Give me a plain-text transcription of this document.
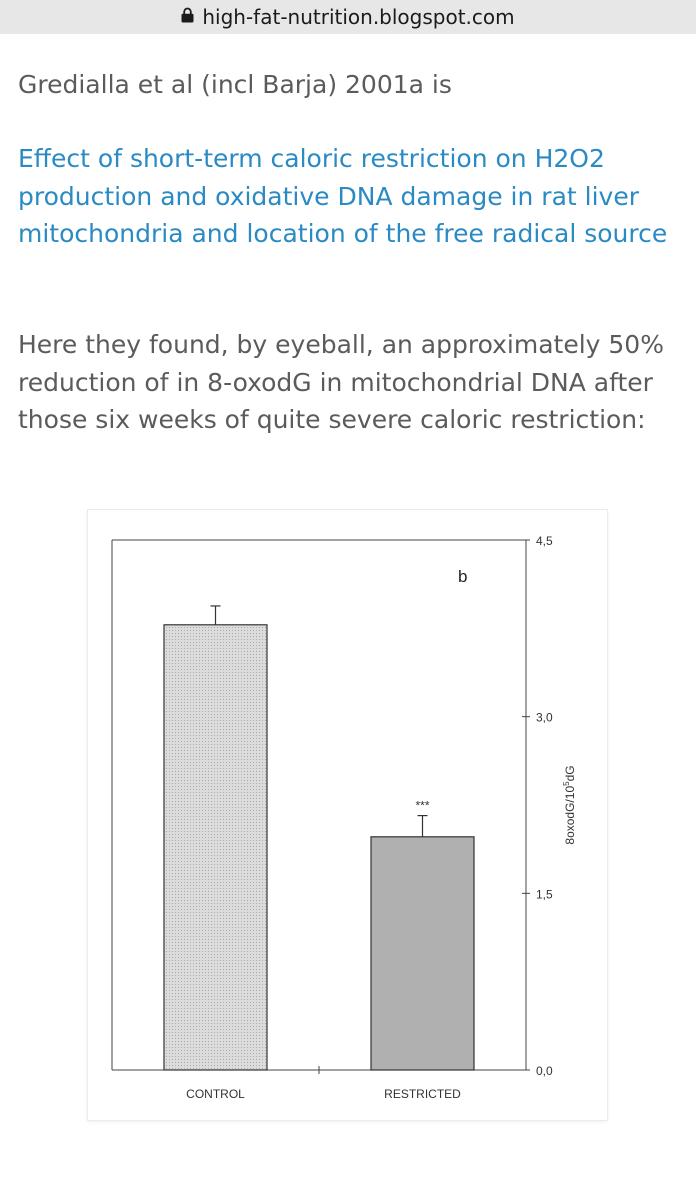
high-fat-nutrition.blogspot.com
Gredialla et al (incl Barja) 2001a is
Effect of short-term caloric restriction on H2O2 production and oxidative DNA damage in rat liver mitochondria and location of the free radical source
Here they found, by eyeball, an approximately 50% reduction of in 8-oxodG in mitochondrial DNA after those six weeks of quite severe caloric restriction:
0,0
1,5
3,0
4,5
CONTROL
***
RESTRICTED
b
$8oxodG/10^5dG$
